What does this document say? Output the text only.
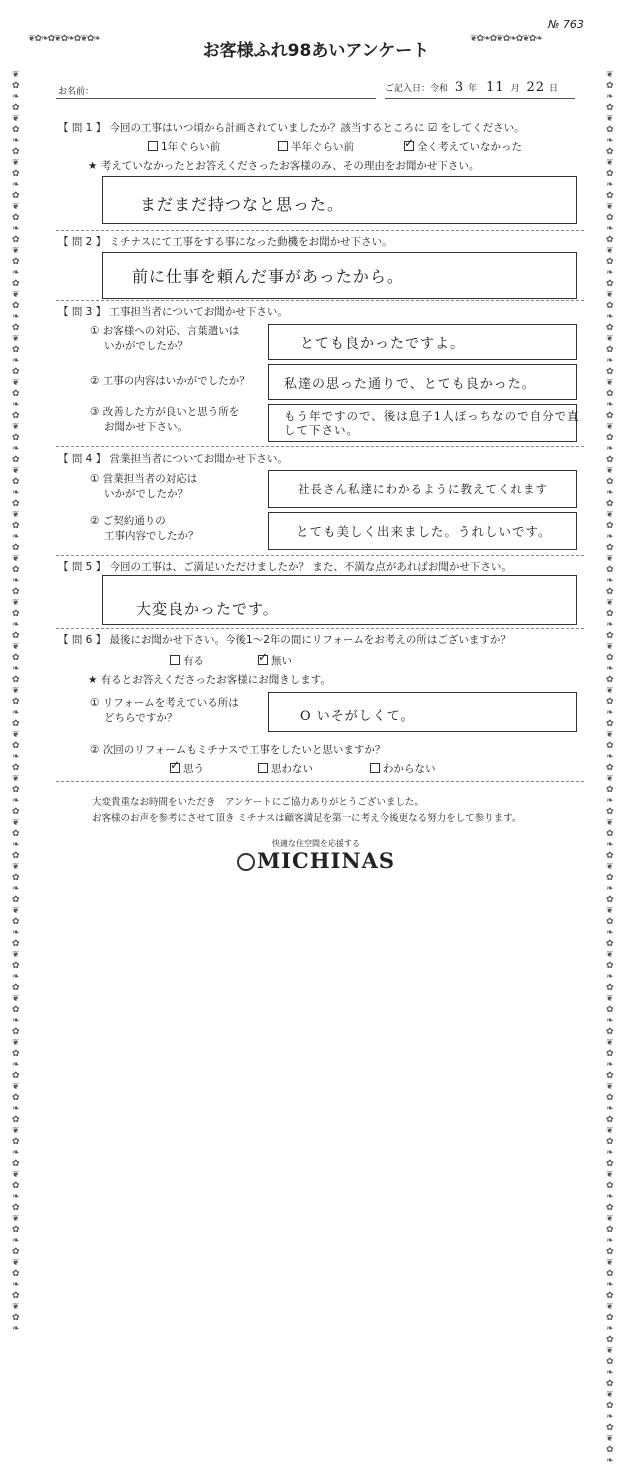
❦✿❧✿❦✿❧✿❦✿❧	❦✿❧✿❦✿❧✿❦✿❧
❦✿❧✿❦✿❧✿❦✿❧✿❦✿❧✿❦✿❧✿❦✿❧✿❦✿❧✿❦✿❧✿❦✿❧✿❦✿❧✿❦✿❧✿❦✿❧✿❦✿❧✿❦✿❧✿❦✿❧✿❦✿❧✿❦✿❧✿❦✿❧✿❦✿❧✿❦✿❧✿❦✿❧✿❦✿❧✿❦✿❧✿❦✿❧✿❦✿❧✿❦✿❧✿❦✿❧✿❦✿❧✿❦✿❧
❦✿❧✿❦✿❧✿❦✿❧✿❦✿❧✿❦✿❧✿❦✿❧✿❦✿❧✿❦✿❧✿❦✿❧✿❦✿❧✿❦✿❧✿❦✿❧✿❦✿❧✿❦✿❧✿❦✿❧✿❦✿❧✿❦✿❧✿❦✿❧✿❦✿❧✿❦✿❧✿❦✿❧✿❦✿❧✿❦✿❧✿❦✿❧✿❦✿❧✿❦✿❧✿❦✿❧✿❦✿❧✿❦✿❧✿❦✿❧✿❦✿❧✿❦✿❧
№ 763
お客様ふれ98あいアンケート
お名前：	ご記入日：令和 3 年 11 月 22 日
【 問 1 】 今回の工事はいつ頃から計画されていましたか？該当するところに ☑ をしてください。
1年ぐらい前	半年ぐらい前	✓ 全く考えていなかった
★ 考えていなかったとお答えくださったお客様のみ、その理由をお聞かせ下さい。
まだまだ持つなと思った。
【 問 2 】 ミチナスにて工事をする事になった動機をお聞かせ下さい。
前に仕事を頼んだ事があったから。
【 問 3 】 工事担当者についてお聞かせ下さい。
① お客様への対応、言葉遣いは
いかがでしたか？	とても良かったですよ。
② 工事の内容はいかがでしたか？	私達の思った通りで、とても良かった。
③ 改善した方が良いと思う所を
お聞かせ下さい。
もう年ですので、後は息子1人ぼっちなので自分で直して下さい。
【 問 4 】 営業担当者についてお聞かせ下さい。
① 営業担当者の対応は
いかがでしたか？	社長さん私達にわかるように教えてくれます
② ご契約通りの
工事内容でしたか？	とても美しく出来ました。うれしいです。
【 問 5 】 今回の工事は、ご満足いただけましたか？ また、不満な点があればお聞かせ下さい。
大変良かったです。
【 問 6 】 最後にお聞かせ下さい。今後1～2年の間にリフォームをお考えの所はございますか？
有る	✓ 無い
★ 有るとお答えくださったお客様にお聞きします。
① リフォームを考えている所は
どちらですか？	O いそがしくて。
② 次回のリフォームもミチナスで工事をしたいと思いますか？
✓ 思う	思わない	わからない
大変貴重なお時間をいただき　アンケートにご協力ありがとうございました。
お客様のお声を参考にさせて頂き ミチナスは顧客満足を第一に考え今後更なる努力をして参ります。
快適な住空間を応援する
MICHINAS
